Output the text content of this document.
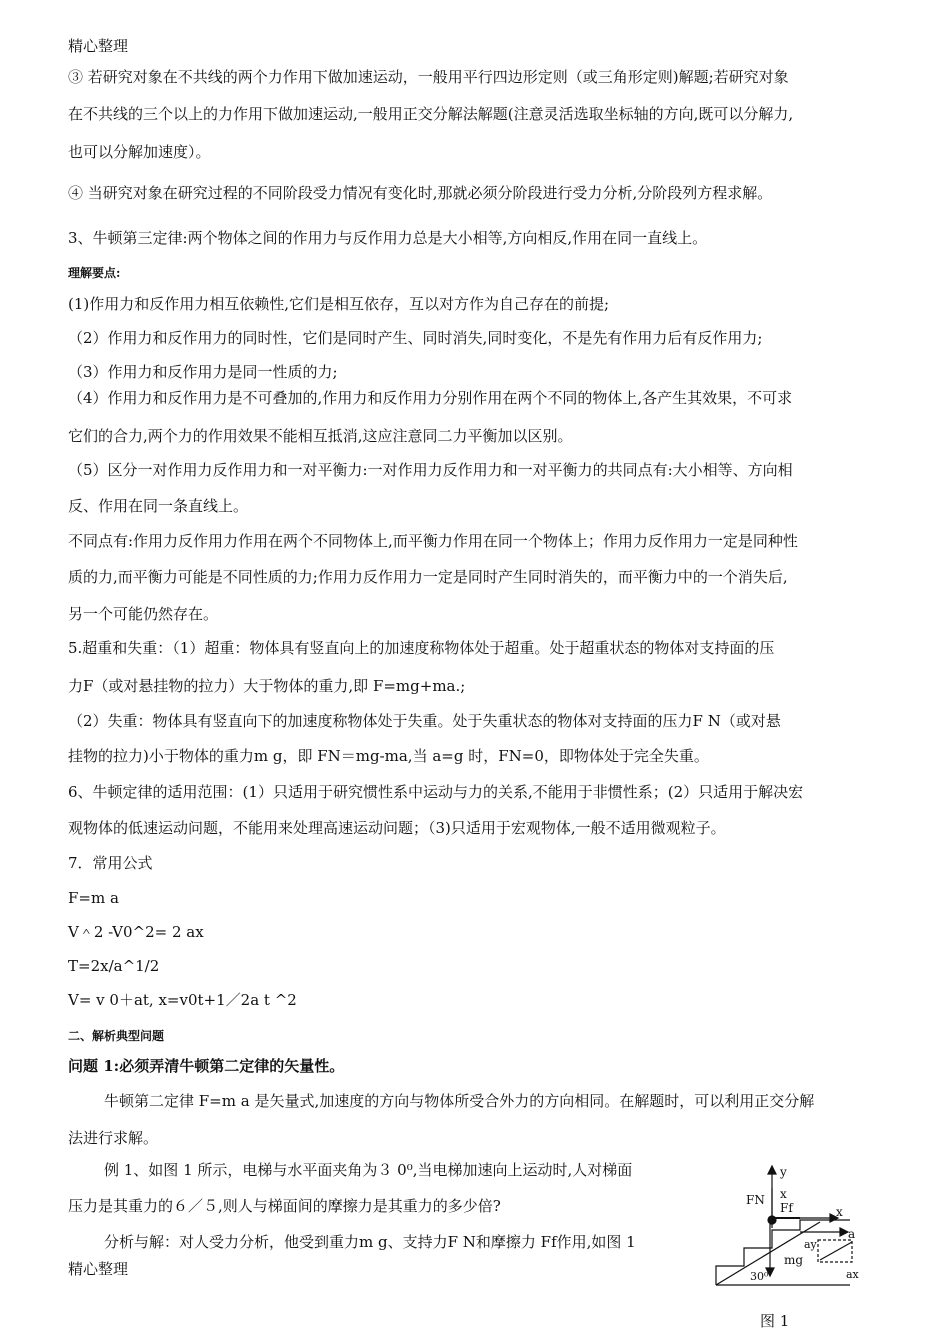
精心整理
③ 若研究对象在不共线的两个力作用下做加速运动，一般用平行四边形定则（或三角形定则)解题;若研究对象
在不共线的三个以上的力作用下做加速运动,一般用正交分解法解题(注意灵活选取坐标轴的方向,既可以分解力,
也可以分解加速度）。
④ 当研究对象在研究过程的不同阶段受力情况有变化时,那就必须分阶段进行受力分析,分阶段列方程求解。
3、牛顿第三定律:两个物体之间的作用力与反作用力总是大小相等,方向相反,作用在同一直线上。
理解要点:
(1)作用力和反作用力相互依赖性,它们是相互依存，互以对方作为自己存在的前提;
（2）作用力和反作用力的同时性，它们是同时产生、同时消失,同时变化，不是先有作用力后有反作用力;
（3）作用力和反作用力是同一性质的力;
（4）作用力和反作用力是不可叠加的,作用力和反作用力分别作用在两个不同的物体上,各产生其效果，不可求
它们的合力,两个力的作用效果不能相互抵消,这应注意同二力平衡加以区别。
（5）区分一对作用力反作用力和一对平衡力:一对作用力反作用力和一对平衡力的共同点有:大小相等、方向相
反、作用在同一条直线上。
不同点有:作用力反作用力作用在两个不同物体上,而平衡力作用在同一个物体上；作用力反作用力一定是同种性
质的力,而平衡力可能是不同性质的力;作用力反作用力一定是同时产生同时消失的，而平衡力中的一个消失后,
另一个可能仍然存在。
5.超重和失重：（1）超重：物体具有竖直向上的加速度称物体处于超重。处于超重状态的物体对支持面的压
力F（或对悬挂物的拉力）大于物体的重力,即 F=mg+ma.;
（2）失重：物体具有竖直向下的加速度称物体处于失重。处于失重状态的物体对支持面的压力F N（或对悬
挂物的拉力)小于物体的重力m g，即 FN＝mg-ma,当 a=g 时，FN=0，即物体处于完全失重。
6、牛顿定律的适用范围：(1）只适用于研究惯性系中运动与力的关系,不能用于非惯性系；(2）只适用于解决宏
观物体的低速运动问题，不能用来处理高速运动问题；（3)只适用于宏观物体,一般不适用微观粒子。
7．常用公式
F=m a
V＾2 -V0^2= 2 ax
T=2x/a^1/2
V= v 0＋at, x=v0t+1／2a t ^2
二、解析典型问题
问题 1:必须弄清牛顿第二定律的矢量性。
牛顿第二定律 F=m a 是矢量式,加速度的方向与物体所受合外力的方向相同。在解题时，可以利用正交分解
法进行求解。
例 1、如图 1 所示，电梯与水平面夹角为３ 0⁰,当电梯加速向上运动时,人对梯面
压力是其重力的６／５,则人与梯面间的摩擦力是其重力的多少倍?
分析与解：对人受力分析，他受到重力m g、支持力F N和摩擦力 Ff作用,如图 1
精心整理
y
x
FN
Ff	x
a
ay
mg
30⁰	ax
图 1
